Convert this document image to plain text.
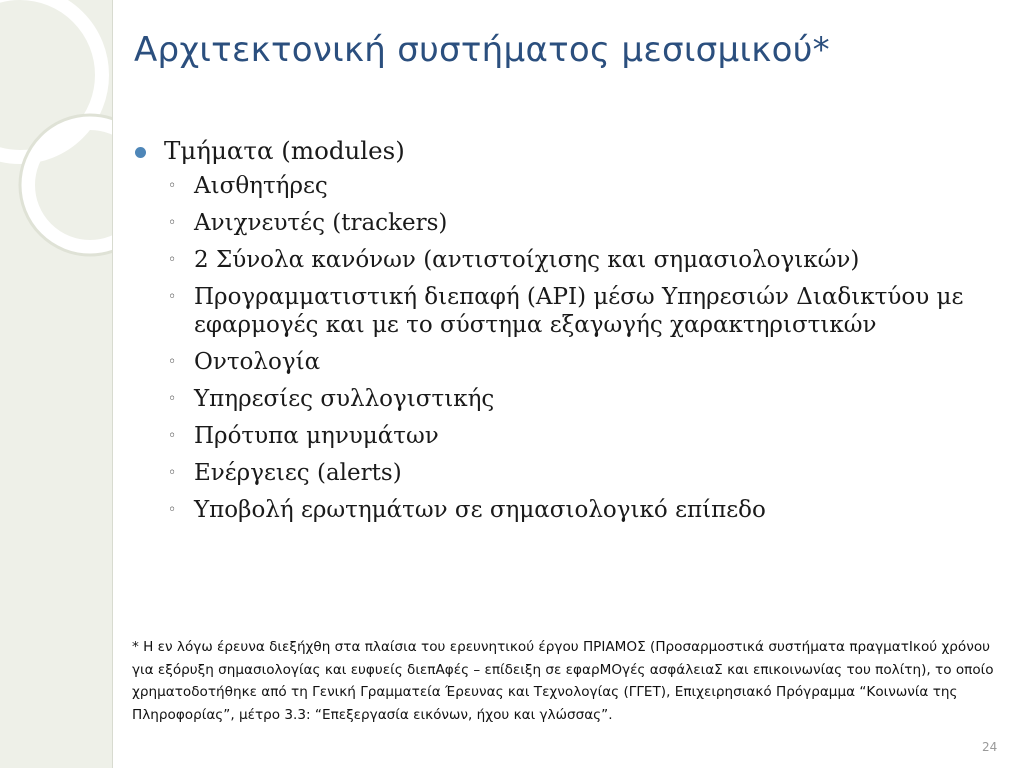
Αρχιτεκτονική συστήματος μεσισμικού*
Τμήματα (modules)
◦ Αισθητήρες
◦ Ανιχνευτές (trackers)
◦ 2 Σύνολα κανόνων (αντιστοίχισης και σημασιολογικών)
◦ Προγραμματιστική διεπαφή (API) μέσω Υπηρεσιών Διαδικτύου με εφαρμογές και με το σύστημα εξαγωγής χαρακτηριστικών
◦ Οντολογία
◦ Υπηρεσίες συλλογιστικής
◦ Πρότυπα μηνυμάτων
◦ Ενέργειες (alerts)
◦ Υποβολή ερωτημάτων σε σημασιολογικό επίπεδο
* Η εν λόγω έρευνα διεξήχθη στα πλαίσια του ερευνητικού έργου ΠΡΙΑΜΟΣ (Προσαρμοστικά συστήματα πραγματΙκού χρόνου για εξόρυξη σημασιολογίας και ευφυείς διεπΑφές – επίδειξη σε εφαρΜΟγές ασφάλειαΣ και επικοινωνίας του πολίτη), το οποίο χρηματοδοτήθηκε από τη Γενική Γραμματεία Έρευνας και Τεχνολογίας (ΓΓΕΤ), Επιχειρησιακό Πρόγραμμα “Κοινωνία της Πληροφορίας”, μέτρο 3.3: “Επεξεργασία εικόνων, ήχου και γλώσσας”.
24
